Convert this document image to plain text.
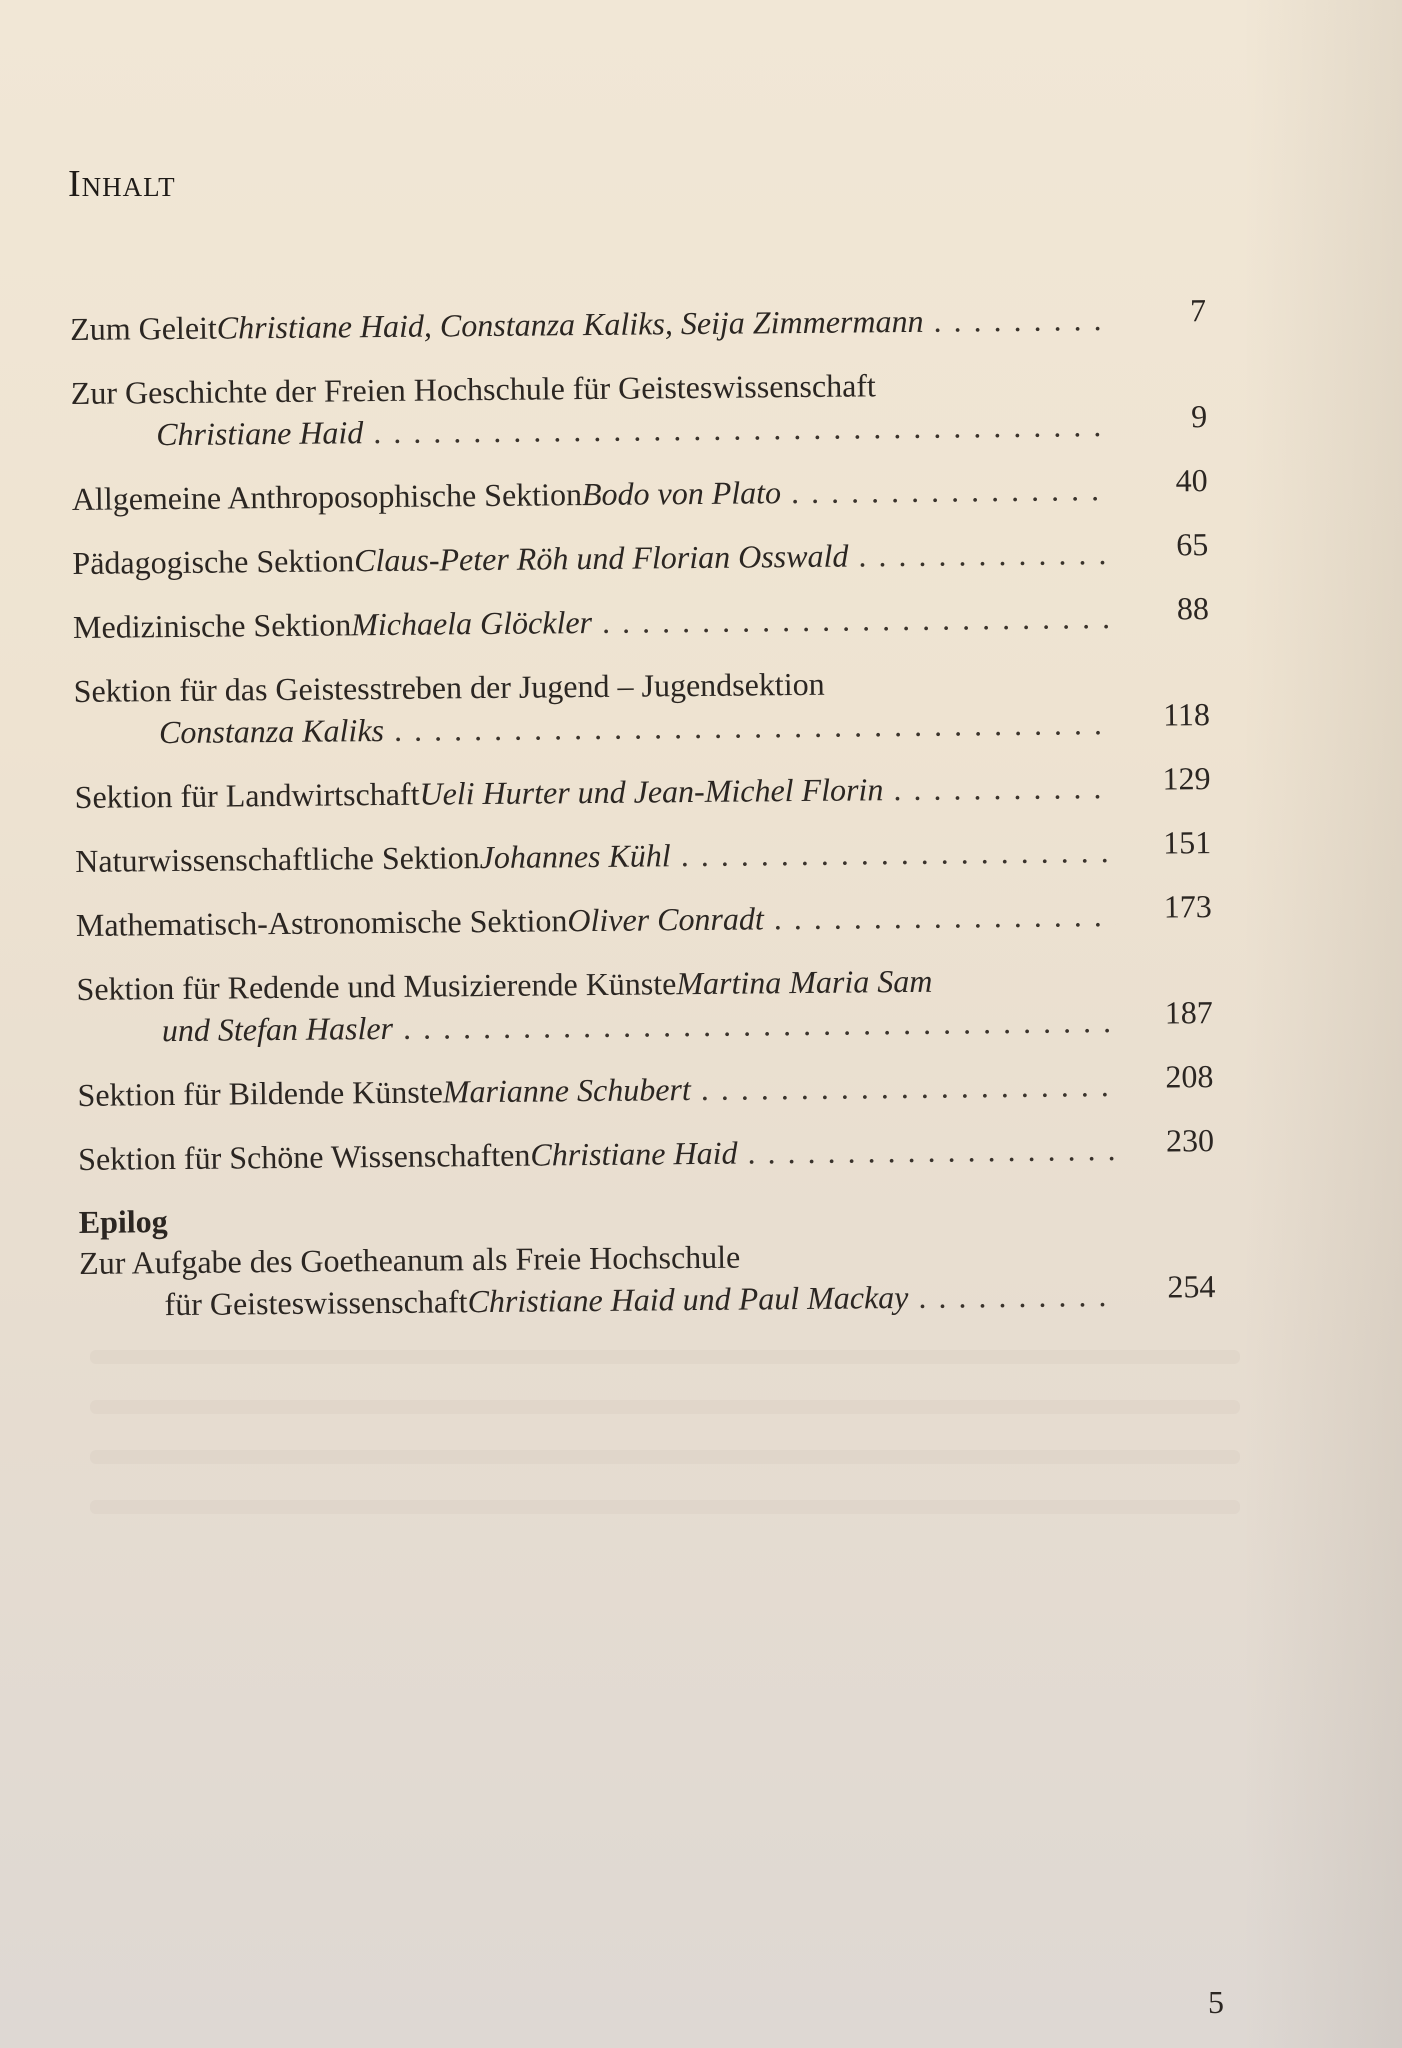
Inhalt
Zum Geleit Christiane Haid, Constanza Kaliks, Seija Zimmermann . . .	7
Zur Geschichte der Freien Hochschule für Geisteswissenschaft
Christiane Haid . . .	9
Allgemeine Anthroposophische Sektion Bodo von Plato . . .	40
Pädagogische Sektion Claus-Peter Röh und Florian Osswald . . .	65
Medizinische Sektion Michaela Glöckler . . .	88
Sektion für das Geistesstreben der Jugend – Jugendsektion
Constanza Kaliks . . .	118
Sektion für Landwirtschaft Ueli Hurter und Jean-Michel Florin . . .	129
Naturwissenschaftliche Sektion Johannes Kühl . . .	151
Mathematisch-Astronomische Sektion Oliver Conradt . . .	173
Sektion für Redende und Musizierende Künste Martina Maria Sam
und Stefan Hasler . . .	187
Sektion für Bildende Künste Marianne Schubert . . .	208
Sektion für Schöne Wissenschaften Christiane Haid . . .	230
Epilog
Zur Aufgabe des Goetheanum als Freie Hochschule
für Geisteswissenschaft Christiane Haid und Paul Mackay . . .	254
5
